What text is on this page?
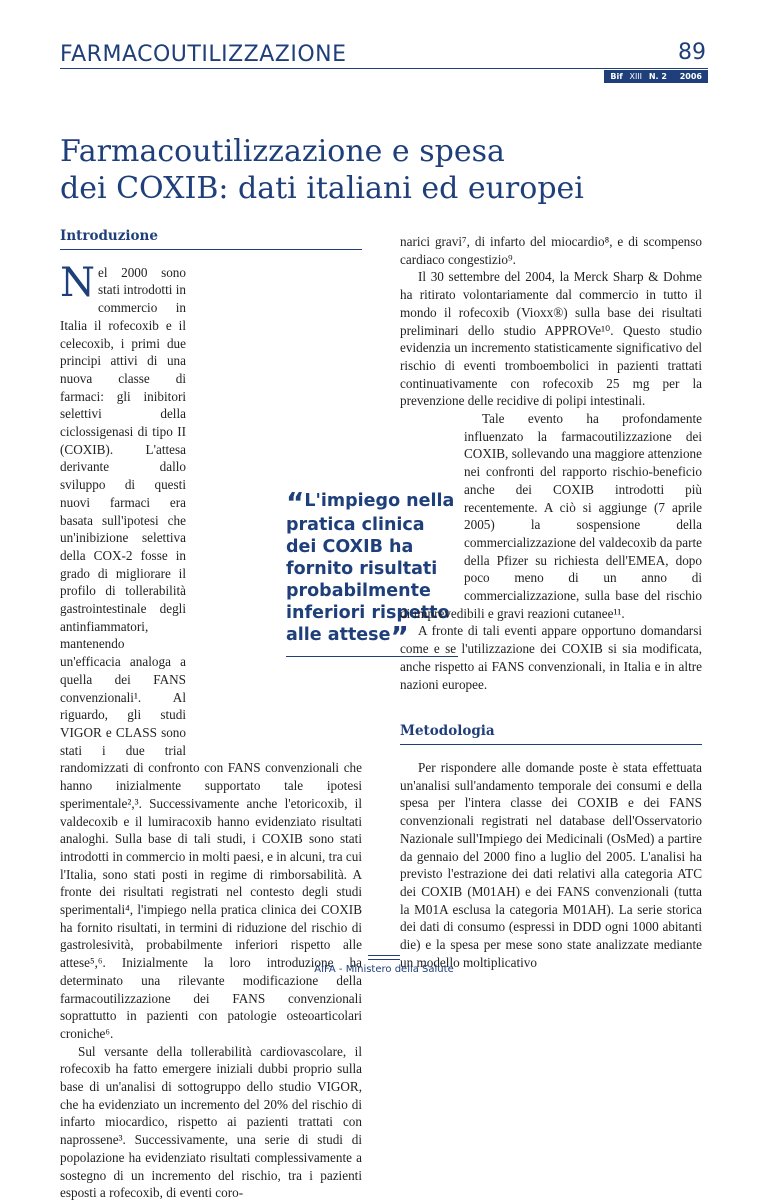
FARMACOUTILIZZAZIONE	89
Bif XIII N. 2 2006
Farmacoutilizzazione e spesa
dei COXIB: dati italiani ed europei
Introduzione

Nel 2000 sono stati introdotti in commercio in Italia il rofecoxib e il celecoxib, i primi due principi attivi di una nuova classe di farmaci: gli inibitori selettivi della ciclossigenasi di tipo II (COXIB). L'attesa derivante dallo sviluppo di questi nuovi farmaci era basata sull'ipotesi che un'inibizione selettiva della COX-2 fosse in grado di migliorare il profilo di tollerabilità gastrointestinale degli antinfiammatori, mantenendo un'efficacia analoga a quella dei FANS convenzionali¹. Al riguardo, gli studi VIGOR e CLASS sono stati i due trial randomizzati di confronto con FANS convenzionali che hanno inizialmente supportato tale ipotesi sperimentale²,³. Successivamente anche l'etoricoxib, il valdecoxib e il lumiracoxib hanno evidenziato risultati analoghi. Sulla base di tali studi, i COXIB sono stati introdotti in commercio in molti paesi, e in alcuni, tra cui l'Italia, sono stati posti in regime di rimborsabilità. A fronte dei risultati registrati nel contesto degli studi sperimentali⁴, l'impiego nella pratica clinica dei COXIB ha fornito risultati, in termini di riduzione del rischio di gastrolesività, probabilmente inferiori rispetto alle attese⁵,⁶. Inizialmente la loro introduzione ha determinato una rilevante modificazione della farmacoutilizzazione dei FANS convenzionali soprattutto in pazienti con patologie osteoarticolari croniche⁶.

Sul versante della tollerabilità cardiovascolare, il rofecoxib ha fatto emergere iniziali dubbi proprio sulla base di un'analisi di sottogruppo dello studio VIGOR, che ha evidenziato un incremento del 20% del rischio di infarto miocardico, rispetto ai pazienti trattati con naprossene³. Successivamente, una serie di studi di popolazione ha evidenziato risultati complessivamente a sostegno di un incremento del rischio, tra i pazienti esposti a rofecoxib, di eventi coro-

“L'impiego nella pratica clinica dei COXIB ha fornito risultati probabilmente inferiori rispetto alle attese”

narici gravi⁷, di infarto del miocardio⁸, e di scompenso cardiaco congestizio⁹.

Il 30 settembre del 2004, la Merck Sharp & Dohme ha ritirato volontariamente dal commercio in tutto il mondo il rofecoxib (Vioxx®) sulla base dei risultati preliminari dello studio APPROVe¹⁰. Questo studio evidenzia un incremento statisticamente significativo del rischio di eventi tromboembolici in pazienti trattati continuativamente con rofecoxib 25 mg per la prevenzione delle recidive di polipi intestinali.

Tale evento ha profondamente influenzato la farmacoutilizzazione dei COXIB, sollevando una maggiore attenzione nei confronti del rapporto rischio-beneficio anche dei COXIB introdotti più recentemente. A ciò si aggiunge (7 aprile 2005) la sospensione della commercializzazione del valdecoxib da parte della Pfizer su richiesta dell'EMEA, dopo poco meno di un anno di commercializzazione, sulla base del rischio di imprevedibili e gravi reazioni cutanee¹¹.

A fronte di tali eventi appare opportuno domandarsi come e se l'utilizzazione dei COXIB si sia modificata, anche rispetto ai FANS convenzionali, in Italia e in altre nazioni europee.

Metodologia

Per rispondere alle domande poste è stata effettuata un'analisi sull'andamento temporale dei consumi e della spesa per l'intera classe dei COXIB e dei FANS convenzionali registrati nel database dell'Osservatorio Nazionale sull'Impiego dei Medicinali (OsMed) a partire da gennaio del 2000 fino a luglio del 2005. L'analisi ha previsto l'estrazione dei dati relativi alla categoria ATC dei COXIB (M01AH) e dei FANS convenzionali (tutta la M01A esclusa la categoria M01AH). La serie storica dei dati di consumo (espressi in DDD ogni 1000 abitanti die) e la spesa per mese sono state analizzate mediante un modello moltiplicativo

AIFA - Ministero della Salute
